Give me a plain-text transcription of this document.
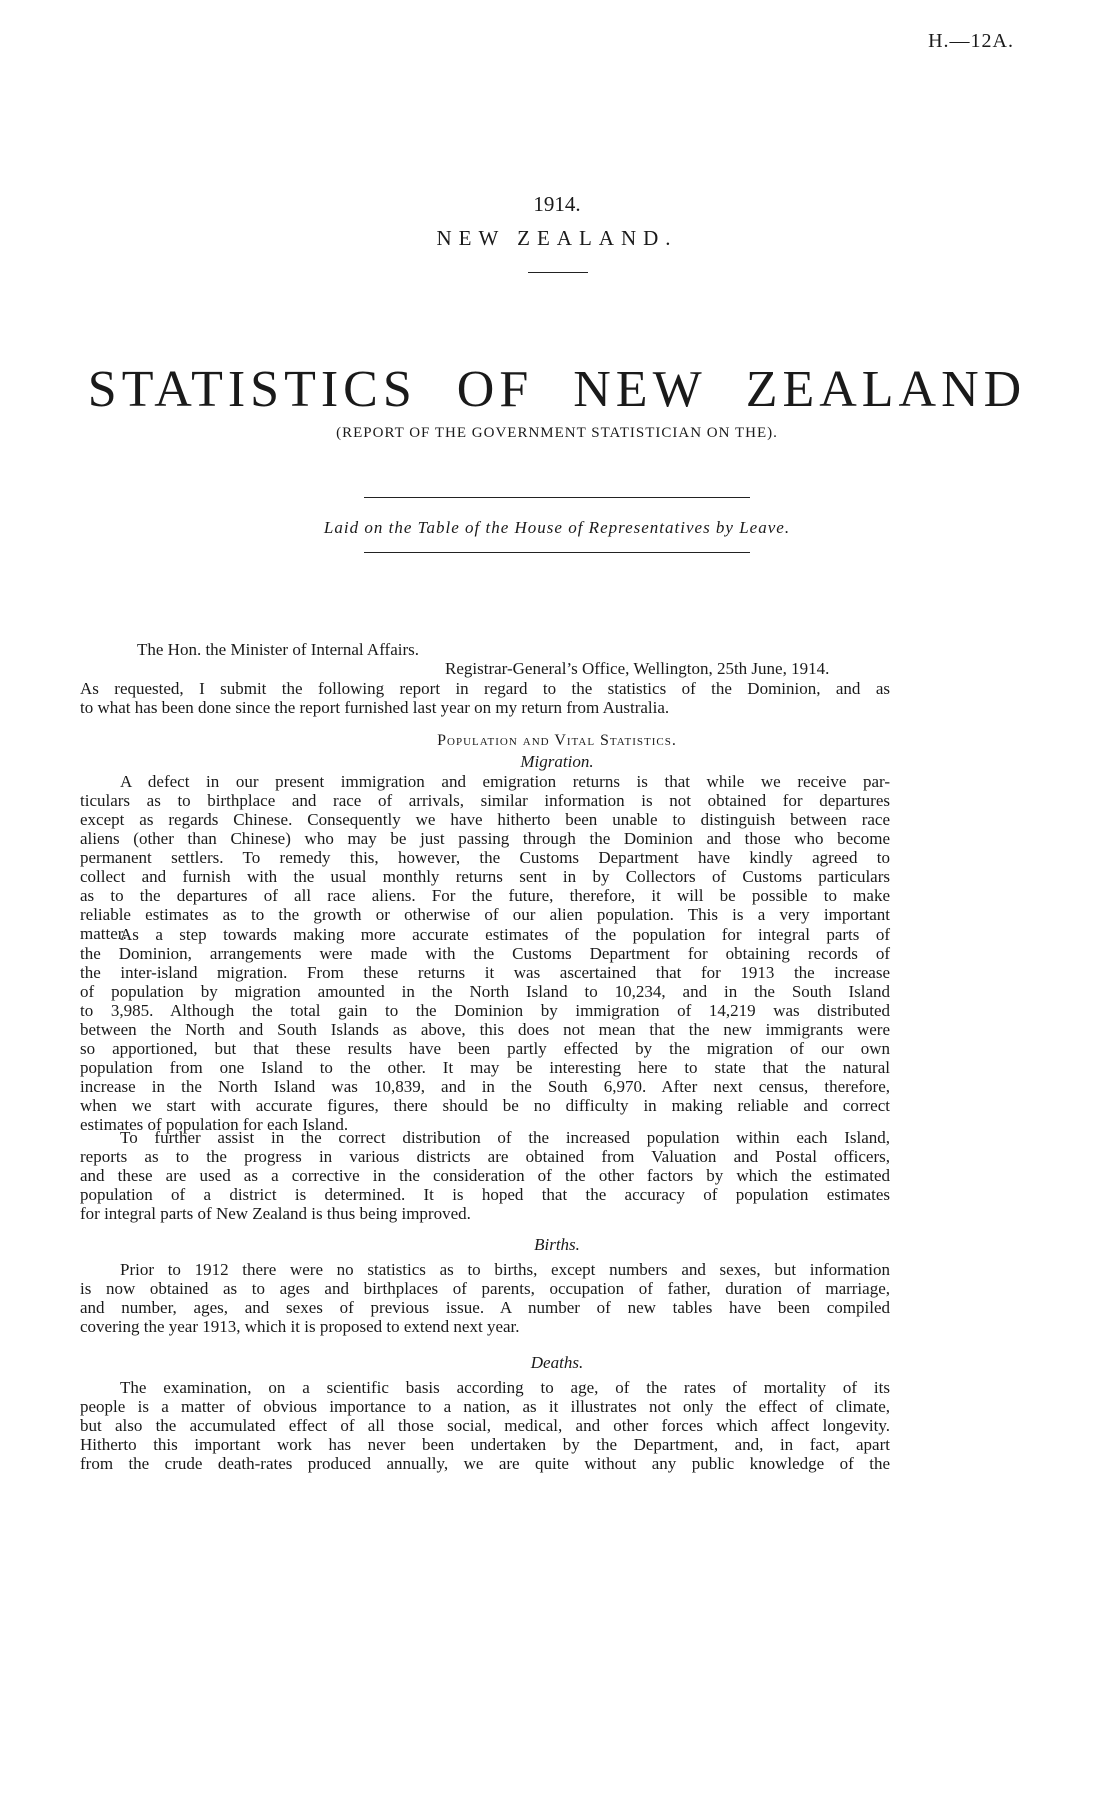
H.—12A.
1914.
NEW ZEALAND.
STATISTICS OF NEW ZEALAND
(REPORT OF THE GOVERNMENT STATISTICIAN ON THE).
Laid on the Table of the House of Representatives by Leave.
The Hon. the Minister of Internal Affairs.
Registrar-General’s Office, Wellington, 25th June, 1914.
As requested, I submit the following report in regard to the statistics of the Dominion, and as
to what has been done since the report furnished last year on my return from Australia.
Population and Vital Statistics.
Migration.
A defect in our present immigration and emigration returns is that while we receive par-
ticulars as to birthplace and race of arrivals, similar information is not obtained for departures
except as regards Chinese. Consequently we have hitherto been unable to distinguish between race
aliens (other than Chinese) who may be just passing through the Dominion and those who become
permanent settlers. To remedy this, however, the Customs Department have kindly agreed to
collect and furnish with the usual monthly returns sent in by Collectors of Customs particulars
as to the departures of all race aliens. For the future, therefore, it will be possible to make
reliable estimates as to the growth or otherwise of our alien population. This is a very important
matter.
As a step towards making more accurate estimates of the population for integral parts of
the Dominion, arrangements were made with the Customs Department for obtaining records of
the inter-island migration. From these returns it was ascertained that for 1913 the increase
of population by migration amounted in the North Island to 10,234, and in the South Island
to 3,985. Although the total gain to the Dominion by immigration of 14,219 was distributed
between the North and South Islands as above, this does not mean that the new immigrants were
so apportioned, but that these results have been partly effected by the migration of our own
population from one Island to the other. It may be interesting here to state that the natural
increase in the North Island was 10,839, and in the South 6,970. After next census, therefore,
when we start with accurate figures, there should be no difficulty in making reliable and correct
estimates of population for each Island.
To further assist in the correct distribution of the increased population within each Island,
reports as to the progress in various districts are obtained from Valuation and Postal officers,
and these are used as a corrective in the consideration of the other factors by which the estimated
population of a district is determined. It is hoped that the accuracy of population estimates
for integral parts of New Zealand is thus being improved.
Births.
Prior to 1912 there were no statistics as to births, except numbers and sexes, but information
is now obtained as to ages and birthplaces of parents, occupation of father, duration of marriage,
and number, ages, and sexes of previous issue. A number of new tables have been compiled
covering the year 1913, which it is proposed to extend next year.
Deaths.
The examination, on a scientific basis according to age, of the rates of mortality of its
people is a matter of obvious importance to a nation, as it illustrates not only the effect of climate,
but also the accumulated effect of all those social, medical, and other forces which affect longevity.
Hitherto this important work has never been undertaken by the Department, and, in fact, apart
from the crude death-rates produced annually, we are quite without any public knowledge of the
